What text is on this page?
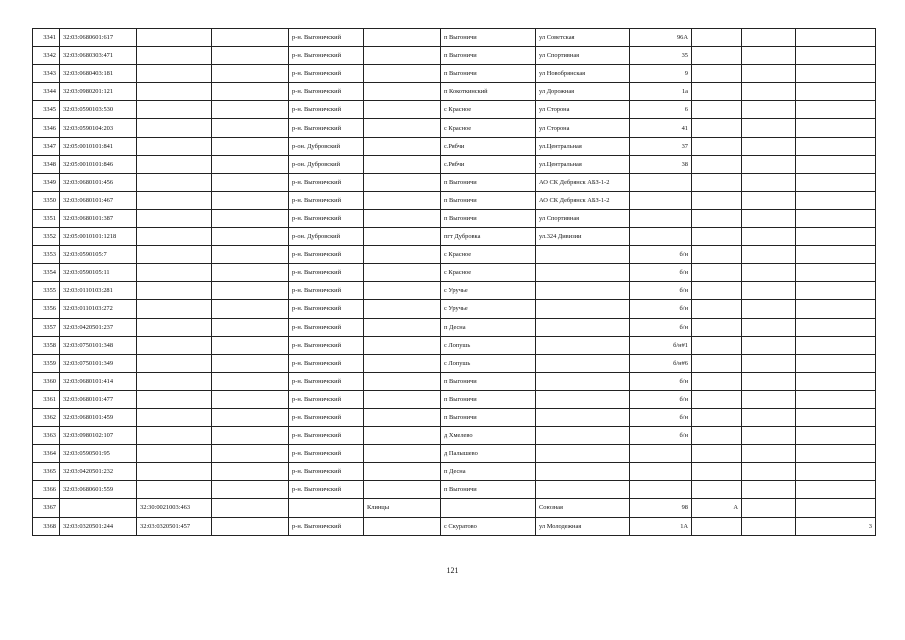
3341	32:03:0680601:617			р-н. Выгоничский		п Выгоничи	ул Советская	96А			
3342	32:03:0680303:471			р-н. Выгоничский		п Выгоничи	ул Спортивная	35			
3343	32:03:0680403:181			р-н. Выгоничский		п Выгоничи	ул Новобрянская	9			
3344	32:03:0980201:121			р-н. Выгоничский		п Кокоткинский	ул Дорожная	1а			
3345	32:03:0590103:530			р-н. Выгоничский		с Красное	ул Сторона	6			
3346	32:03:0590104:203			р-н. Выгоничский		с Красное	ул Сторона	41			
3347	32:05:0010101:841			р-он. Дубровский		с.Рябчи	ул.Центральная	37			
3348	32:05:0010101:846			р-он. Дубровский		с.Рябчи	ул.Центральная	38			
3349	32:03:0680101:456			р-н. Выгоничский		п Выгоничи	АО СК Дебрянск АБЗ-1-2				
3350	32:03:0680101:467			р-н. Выгоничский		п Выгоничи	АО СК Дебрянск АБЗ-1-2				
3351	32:03:0680101:387			р-н. Выгоничский		п Выгоничи	ул Спортивная				
3352	32:05:0010101:1218			р-он. Дубровский		пгт Дубровка	ул.324 Дивизии				
3353	32:03:0590105:7			р-н. Выгоничский		с Красное		б/н			
3354	32:03:0590105:11			р-н. Выгоничский		с Красное		б/н			
3355	32:03:0110103:281			р-н. Выгоничский		с Уручье		б/н			
3356	32:03:0110103:272			р-н. Выгоничский		с Уручье		б/н			
3357	32:03:0420501:237			р-н. Выгоничский		п Десна		б/н			
3358	32:03:0750101:348			р-н. Выгоничский		с Лопушь		б/н#1			
3359	32:03:0750101:349			р-н. Выгоничский		с Лопушь		б/н#6			
3360	32:03:0680101:414			р-н. Выгоничский		п Выгоничи		б/н			
3361	32:03:0680101:477			р-н. Выгоничский		п Выгоничи		б/н			
3362	32:03:0680101:459			р-н. Выгоничский		п Выгоничи		б/н			
3363	32:03:0980102:107			р-н. Выгоничский		д Хмелево		б/н			
3364	32:03:0590501:95			р-н. Выгоничский		д Палышево					
3365	32:03:0420501:232			р-н. Выгоничский		п Десна					
3366	32:03:0680601:559			р-н. Выгоничский		п Выгоничи					
3367		32:30:0021003:463			Клинцы		Союзная	98	А		
3368	32:03:0320501:244	32:03:0320501:457		р-н. Выгоничский		с Скуратово	ул Молодежная	1А			3
121
